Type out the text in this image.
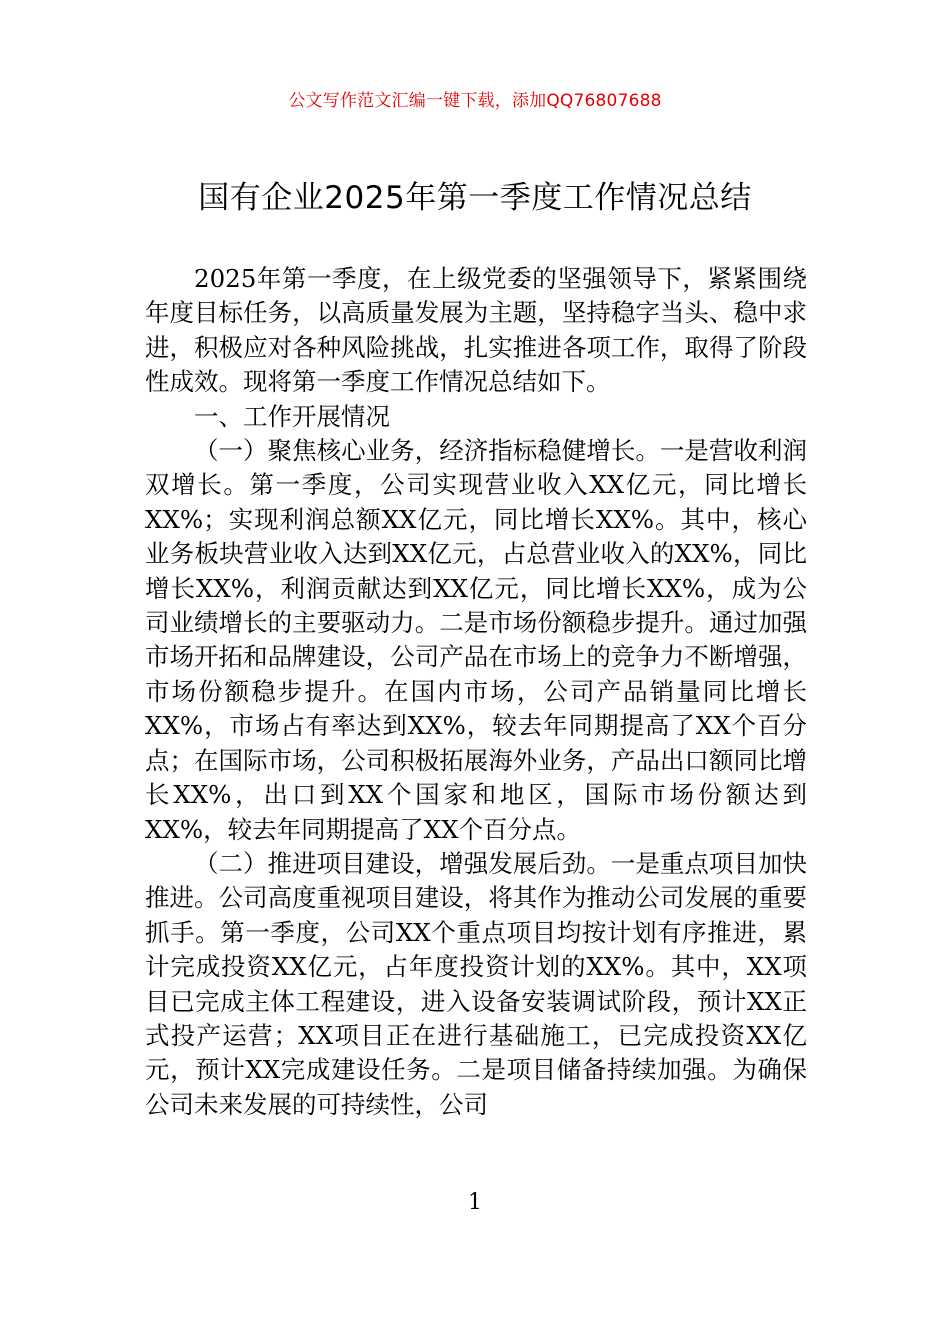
公文写作范文汇编一键下载，添加QQ76807688
国有企业2025年第一季度工作情况总结

2025年第一季度，在上级党委的坚强领导下，紧紧围绕年度目标任务，以高质量发展为主题，坚持稳字当头、稳中求进，积极应对各种风险挑战，扎实推进各项工作，取得了阶段性成效。现将第一季度工作情况总结如下。

一、工作开展情况

（一）聚焦核心业务，经济指标稳健增长。一是营收利润双增长。第一季度，公司实现营业收入XX亿元，同比增长XX%；实现利润总额XX亿元，同比增长XX%。其中，核心业务板块营业收入达到XX亿元，占总营业收入的XX%，同比增长XX%，利润贡献达到XX亿元，同比增长XX%，成为公司业绩增长的主要驱动力。二是市场份额稳步提升。通过加强市场开拓和品牌建设，公司产品在市场上的竞争力不断增强，市场份额稳步提升。在国内市场，公司产品销量同比增长XX%，市场占有率达到XX%，较去年同期提高了XX个百分点；在国际市场，公司积极拓展海外业务，产品出口额同比增长XX%，出口到XX个国家和地区，国际市场份额达到XX%，较去年同期提高了XX个百分点。

（二）推进项目建设，增强发展后劲。一是重点项目加快推进。公司高度重视项目建设，将其作为推动公司发展的重要抓手。第一季度，公司XX个重点项目均按计划有序推进，累计完成投资XX亿元，占年度投资计划的XX%。其中，XX项目已完成主体工程建设，进入设备安装调试阶段，预计XX正式投产运营；XX项目正在进行基础施工，已完成投资XX亿元，预计XX完成建设任务。二是项目储备持续加强。为确保公司未来发展的可持续性，公司

1
